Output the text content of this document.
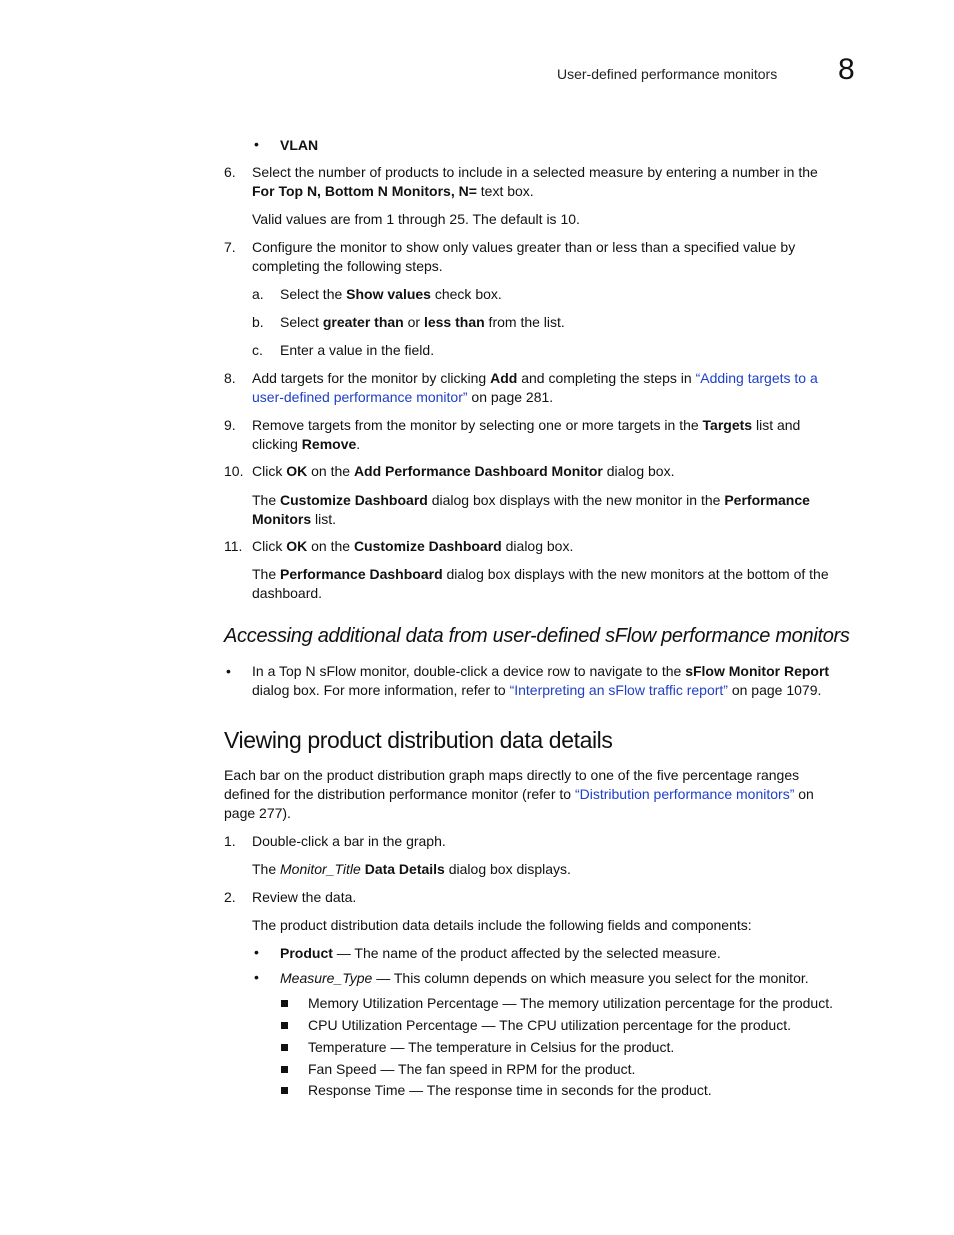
User-defined performance monitors 8
• VLAN
6.	Select the number of products to include in a selected measure by entering a number in the
For Top N, Bottom N Monitors, N= text box.
Valid values are from 1 through 25. The default is 10.
7.	Configure the monitor to show only values greater than or less than a specified value by
completing the following steps.
a. Select the Show values check box.
b. Select greater than or less than from the list.
c. Enter a value in the field.
8.	Add targets for the monitor by clicking Add and completing the steps in “Adding targets to a
user-defined performance monitor” on page 281.
9.	Remove targets from the monitor by selecting one or more targets in the Targets list and
clicking Remove.
10. Click OK on the Add Performance Dashboard Monitor dialog box.
The Customize Dashboard dialog box displays with the new monitor in the Performance
Monitors list.
11. Click OK on the Customize Dashboard dialog box.
The Performance Dashboard dialog box displays with the new monitors at the bottom of the
dashboard.
Accessing additional data from user-defined sFlow performance monitors
• In a Top N sFlow monitor, double-click a device row to navigate to the sFlow Monitor Report
dialog box. For more information, refer to “Interpreting an sFlow traffic report” on page 1079.
Viewing product distribution data details
Each bar on the product distribution graph maps directly to one of the five percentage ranges
defined for the distribution performance monitor (refer to “Distribution performance monitors” on
page 277).
1.	Double-click a bar in the graph.
The Monitor_Title Data Details dialog box displays.
2.	Review the data.
The product distribution data details include the following fields and components:
• Product — The name of the product affected by the selected measure.
• Measure_Type — This column depends on which measure you select for the monitor.
Memory Utilization Percentage — The memory utilization percentage for the product.
CPU Utilization Percentage — The CPU utilization percentage for the product.
Temperature — The temperature in Celsius for the product.
Fan Speed — The fan speed in RPM for the product.
Response Time — The response time in seconds for the product.
